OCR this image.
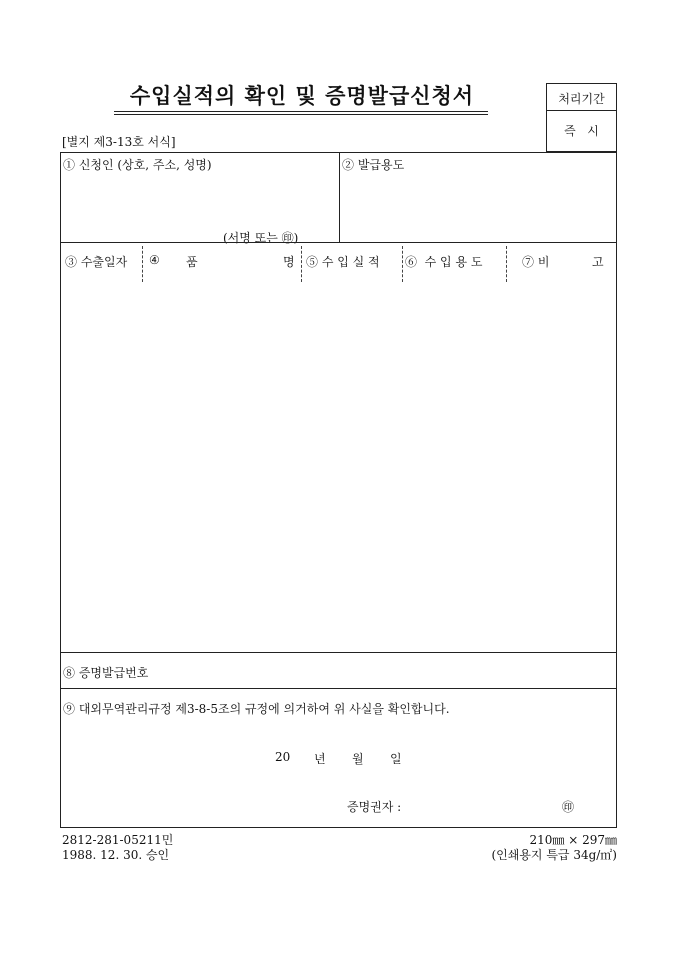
수입실적의 확인 및 증명발급신청서	처리기간
즉   시
[별지 제3-13호 서식]
① 신청인 (상호, 주소, 성명)
(서명 또는 ㊞)
② 발급용도
③ 수출일자 ④ 품	명 ⑤ 수 입 실 적 ⑥  수 입 용 도	⑦ 비	고
⑧ 증명발급번호
⑨ 대외무역관리규정 제3-8-5조의 규정에 의거하여 위 사실을 확인합니다.
20 년 월 일
증명권자 :	㊞
2812-281-05211민
1988. 12. 30. 승인
210㎜ × 297㎜
(인쇄용지 특급 34g/㎡)
